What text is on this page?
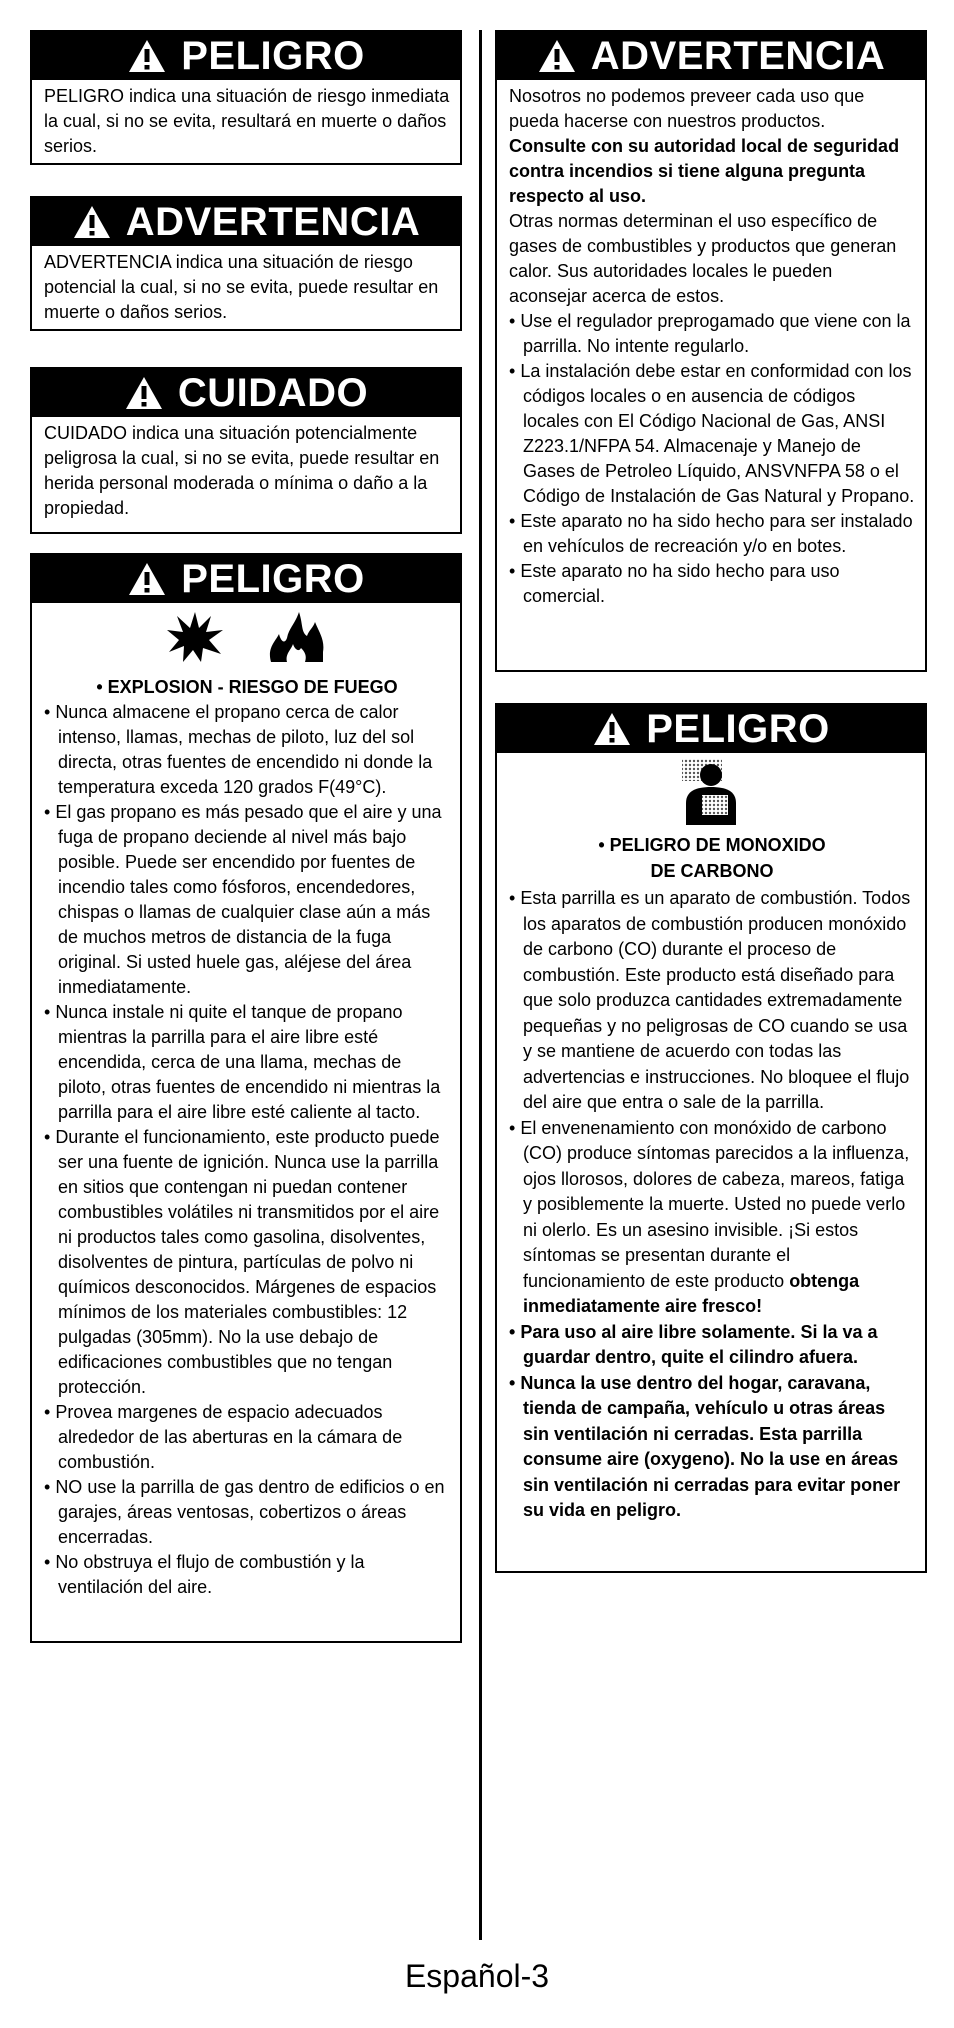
PELIGRO

PELIGRO indica una situación de riesgo inmediata la cual, si no se evita, resultará en muerte o daños serios.

ADVERTENCIA

ADVERTENCIA indica una situación de riesgo potencial la cual, si no se evita, puede resultar en muerte o daños serios.

CUIDADO

CUIDADO indica una situación potencialmente peligrosa la cual, si no se evita, puede resultar en herida personal moderada o mínima o daño a la propiedad.

PELIGRO

• EXPLOSION - RIESGO DE FUEGO

• Nunca almacene el propano cerca de calor intenso, llamas, mechas de piloto, luz del sol directa, otras fuentes de encendido ni donde la temperatura exceda 120 grados F(49°C).
• El gas propano es más pesado que el aire y una fuga de propano deciende al nivel más bajo posible. Puede ser encendido por fuentes de incendio tales como fósforos, encendedores, chispas o llamas de cualquier clase aún a más de muchos metros de distancia de la fuga original. Si usted huele gas, aléjese del área inmediatamente.
• Nunca instale ni quite el tanque de propano mientras la parrilla para el aire libre esté encendida, cerca de una llama, mechas de piloto, otras fuentes de encendido ni mientras la parrilla para el aire libre esté caliente al tacto.
• Durante el funcionamiento, este producto puede ser una fuente de ignición. Nunca use la parrilla en sitios que contengan ni puedan contener combustibles volátiles ni transmitidos por el aire ni productos tales como gasolina, disolventes, disolventes de pintura, partículas de polvo ni químicos desconocidos. Márgenes de espacios mínimos de los materiales combustibles: 12 pulgadas (305mm). No la use debajo de edificaciones combustibles que no tengan protección.
• Provea margenes de espacio adecuados alrededor de las aberturas en la cámara de combustión.
• NO use la parrilla de gas dentro de edificios o en garajes, áreas ventosas, cobertizos o áreas encerradas.
• No obstruya el flujo de combustión y la ventilación del aire.
ADVERTENCIA

Nosotros no podemos preveer cada uso que pueda hacerse con nuestros productos.

Consulte con su autoridad local de seguridad contra incendios si tiene alguna pregunta respecto al uso.

Otras normas determinan el uso específico de gases de combustibles y productos que generan calor. Sus autoridades locales le pueden aconsejar acerca de estos.

• Use el regulador preprogamado que viene con la parrilla. No intente regularlo.
• La instalación debe estar en conformidad con los códigos locales o en ausencia de códigos locales con El Código Nacional de Gas, ANSI Z223.1/NFPA 54. Almacenaje y Manejo de Gases de Petroleo Líquido, ANSVNFPA 58 o el Código de Instalación de Gas Natural y Propano.
• Este aparato no ha sido hecho para ser instalado en vehículos de recreación y/o en botes.
• Este aparato no ha sido hecho para uso comercial.
PELIGRO

• PELIGRO DE MONOXIDO

DE CARBONO

• Esta parrilla es un aparato de combustión. Todos los aparatos de combustión producen monóxido de carbono (CO) durante el proceso de combustión. Este producto está diseñado para que solo produzca cantidades extremadamente pequeñas y no peligrosas de CO cuando se usa y se mantiene de acuerdo con todas las advertencias e instrucciones. No bloquee el flujo del aire que entra o sale de la parrilla.
• El envenenamiento con monóxido de carbono (CO) produce síntomas parecidos a la influenza, ojos llorosos, dolores de cabeza, mareos, fatiga y posiblemente la muerte. Usted no puede verlo ni olerlo. Es un asesino invisible. ¡Si estos síntomas se presentan durante el funcionamiento de este producto obtenga inmediatamente aire fresco!
• Para uso al aire libre solamente. Si la va a guardar dentro, quite el cilindro afuera.
• Nunca la use dentro del hogar, caravana, tienda de campaña, vehículo u otras áreas sin ventilación ni cerradas. Esta parrilla consume aire (oxygeno). No la use en áreas sin ventilación ni cerradas para evitar poner su vida en peligro.
Español-3
